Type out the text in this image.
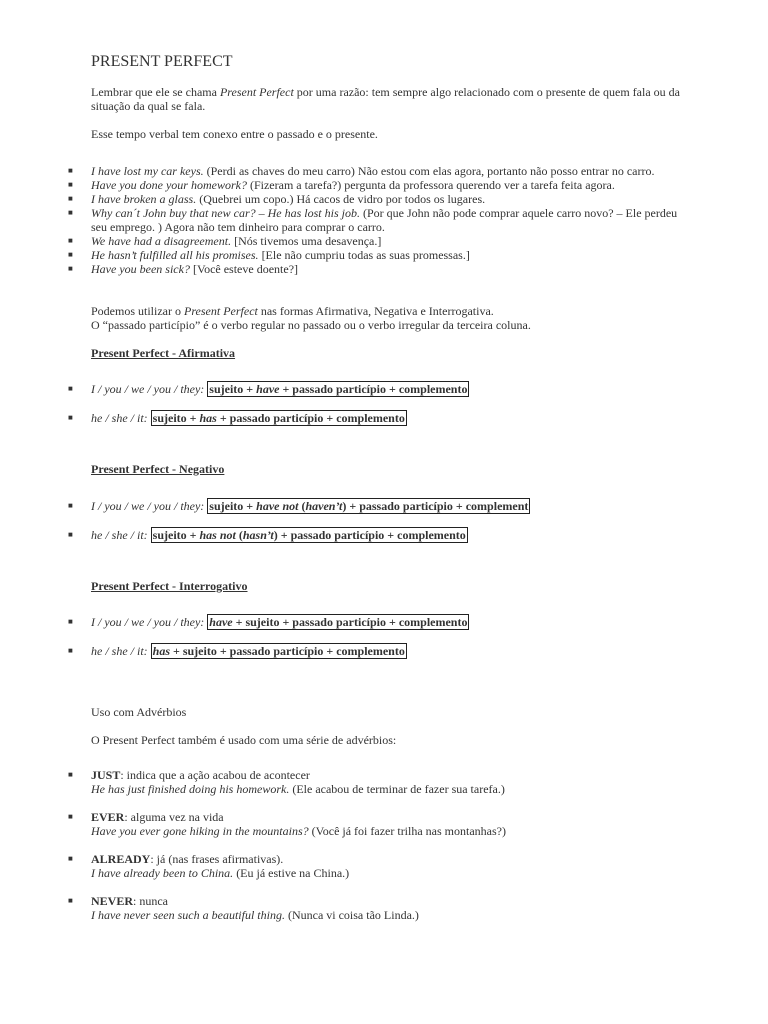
PRESENT PERFECT
Lembrar que ele se chama Present Perfect por uma razão: tem sempre algo relacionado com o presente de quem fala ou da situação da qual se fala.
Esse tempo verbal tem conexo entre o passado e o presente.
■ I have lost my car keys. (Perdi as chaves do meu carro) Não estou com elas agora, portanto não posso entrar no carro.
■ Have you done your homework? (Fizeram a tarefa?) pergunta da professora querendo ver a tarefa feita agora.
■ I have broken a glass. (Quebrei um copo.) Há cacos de vidro por todos os lugares.
■ Why can´t John buy that new car? – He has lost his job. (Por que John não pode comprar aquele carro novo? – Ele perdeu seu emprego. ) Agora não tem dinheiro para comprar o carro.
■ We have had a disagreement. [Nós tivemos uma desavença.]
■ He hasn’t fulfilled all his promises. [Ele não cumpriu todas as suas promessas.]
■ Have you been sick? [Você esteve doente?]
Podemos utilizar o Present Perfect nas formas Afirmativa, Negativa e Interrogativa.
O “passado particípio” é o verbo regular no passado ou o verbo irregular da terceira coluna.
Present Perfect - Afirmativa
■ I / you / we / you / they: sujeito + have + passado particípio + complemento
■ he / she / it: sujeito + has + passado particípio + complemento
Present Perfect - Negativo
■ I / you / we / you / they: sujeito + have not (haven’t) + passado particípio + complement
■ he / she / it: sujeito + has not (hasn’t) + passado particípio + complemento
Present Perfect - Interrogativo
■ I / you / we / you / they: have + sujeito + passado particípio + complemento
■ he / she / it: has + sujeito + passado particípio + complemento
Uso com Advérbios
O Present Perfect também é usado com uma série de advérbios:
■ JUST: indica que a ação acabou de acontecer
He has just finished doing his homework. (Ele acabou de terminar de fazer sua tarefa.)
■ EVER: alguma vez na vida
Have you ever gone hiking in the mountains? (Você já foi fazer trilha nas montanhas?)
■ ALREADY: já (nas frases afirmativas).
I have already been to China. (Eu já estive na China.)
■ NEVER: nunca
I have never seen such a beautiful thing. (Nunca vi coisa tão Linda.)
